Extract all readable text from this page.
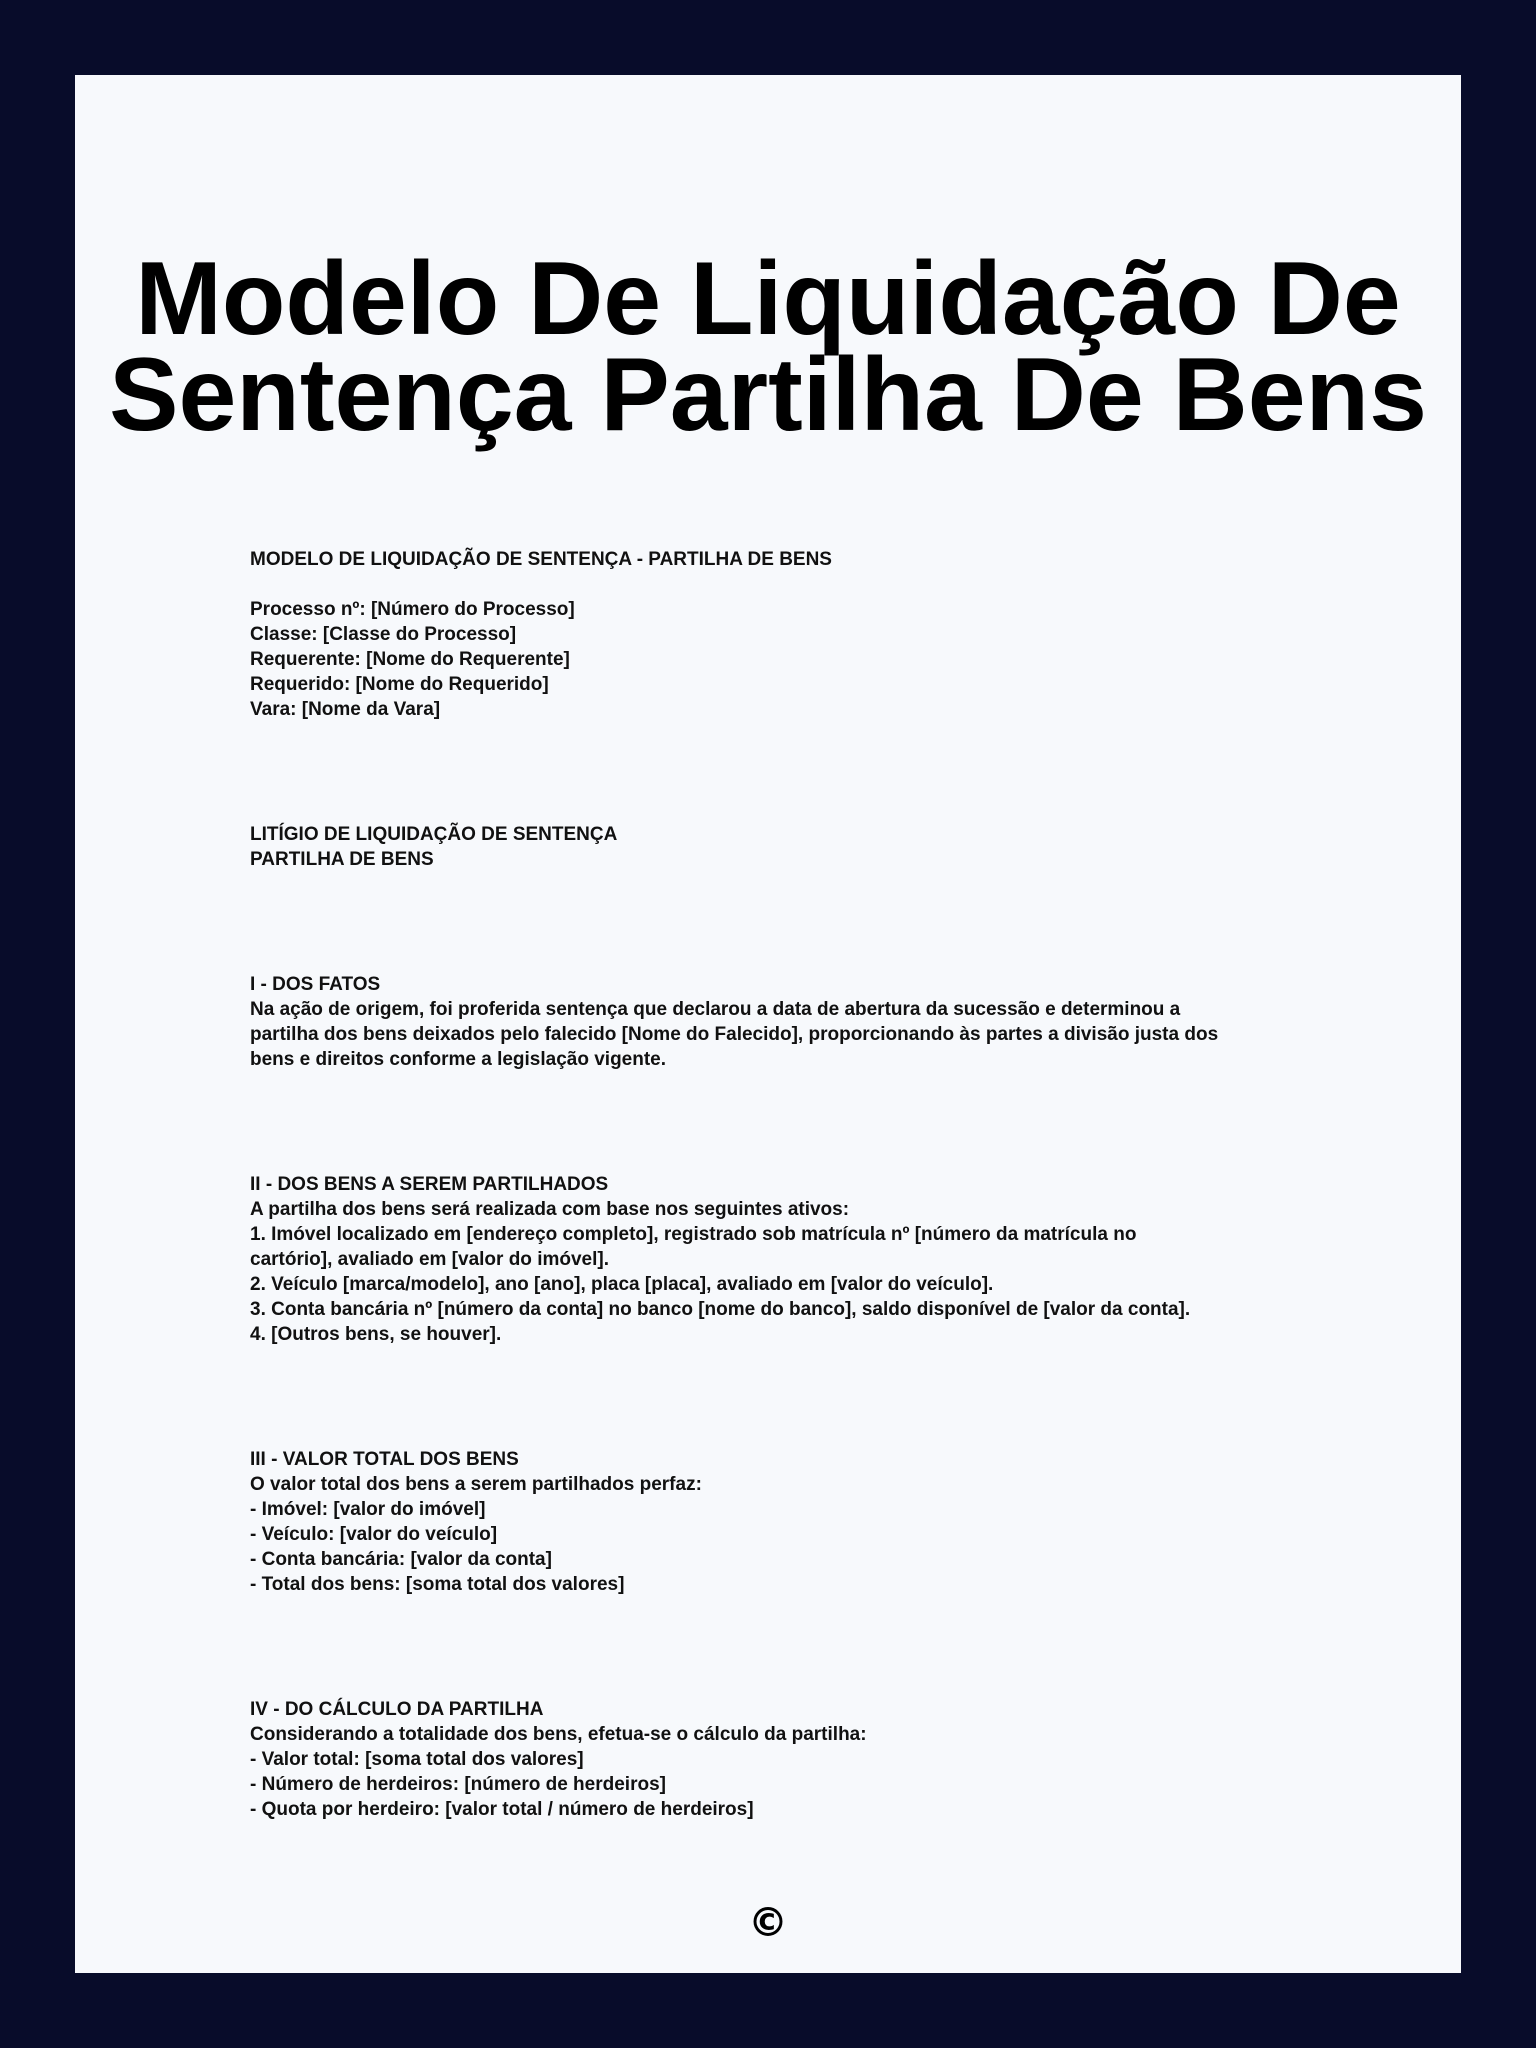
Modelo De Liquidação De Sentença Partilha De Bens
MODELO DE LIQUIDAÇÃO DE SENTENÇA - PARTILHA DE BENS
Processo nº: [Número do Processo]
Classe: [Classe do Processo]
Requerente: [Nome do Requerente]
Requerido: [Nome do Requerido]
Vara: [Nome da Vara]
LITÍGIO DE LIQUIDAÇÃO DE SENTENÇA
PARTILHA DE BENS
I - DOS FATOS
Na ação de origem, foi proferida sentença que declarou a data de abertura da sucessão e determinou a
partilha dos bens deixados pelo falecido [Nome do Falecido], proporcionando às partes a divisão justa dos
bens e direitos conforme a legislação vigente.
II - DOS BENS A SEREM PARTILHADOS
A partilha dos bens será realizada com base nos seguintes ativos:
1. Imóvel localizado em [endereço completo], registrado sob matrícula nº [número da matrícula no
cartório], avaliado em [valor do imóvel].
2. Veículo [marca/modelo], ano [ano], placa [placa], avaliado em [valor do veículo].
3. Conta bancária nº [número da conta] no banco [nome do banco], saldo disponível de [valor da conta].
4. [Outros bens, se houver].
III - VALOR TOTAL DOS BENS
O valor total dos bens a serem partilhados perfaz:
- Imóvel: [valor do imóvel]
- Veículo: [valor do veículo]
- Conta bancária: [valor da conta]
- Total dos bens: [soma total dos valores]
IV - DO CÁLCULO DA PARTILHA
Considerando a totalidade dos bens, efetua-se o cálculo da partilha:
- Valor total: [soma total dos valores]
- Número de herdeiros: [número de herdeiros]
- Quota por herdeiro: [valor total / número de herdeiros]
©
